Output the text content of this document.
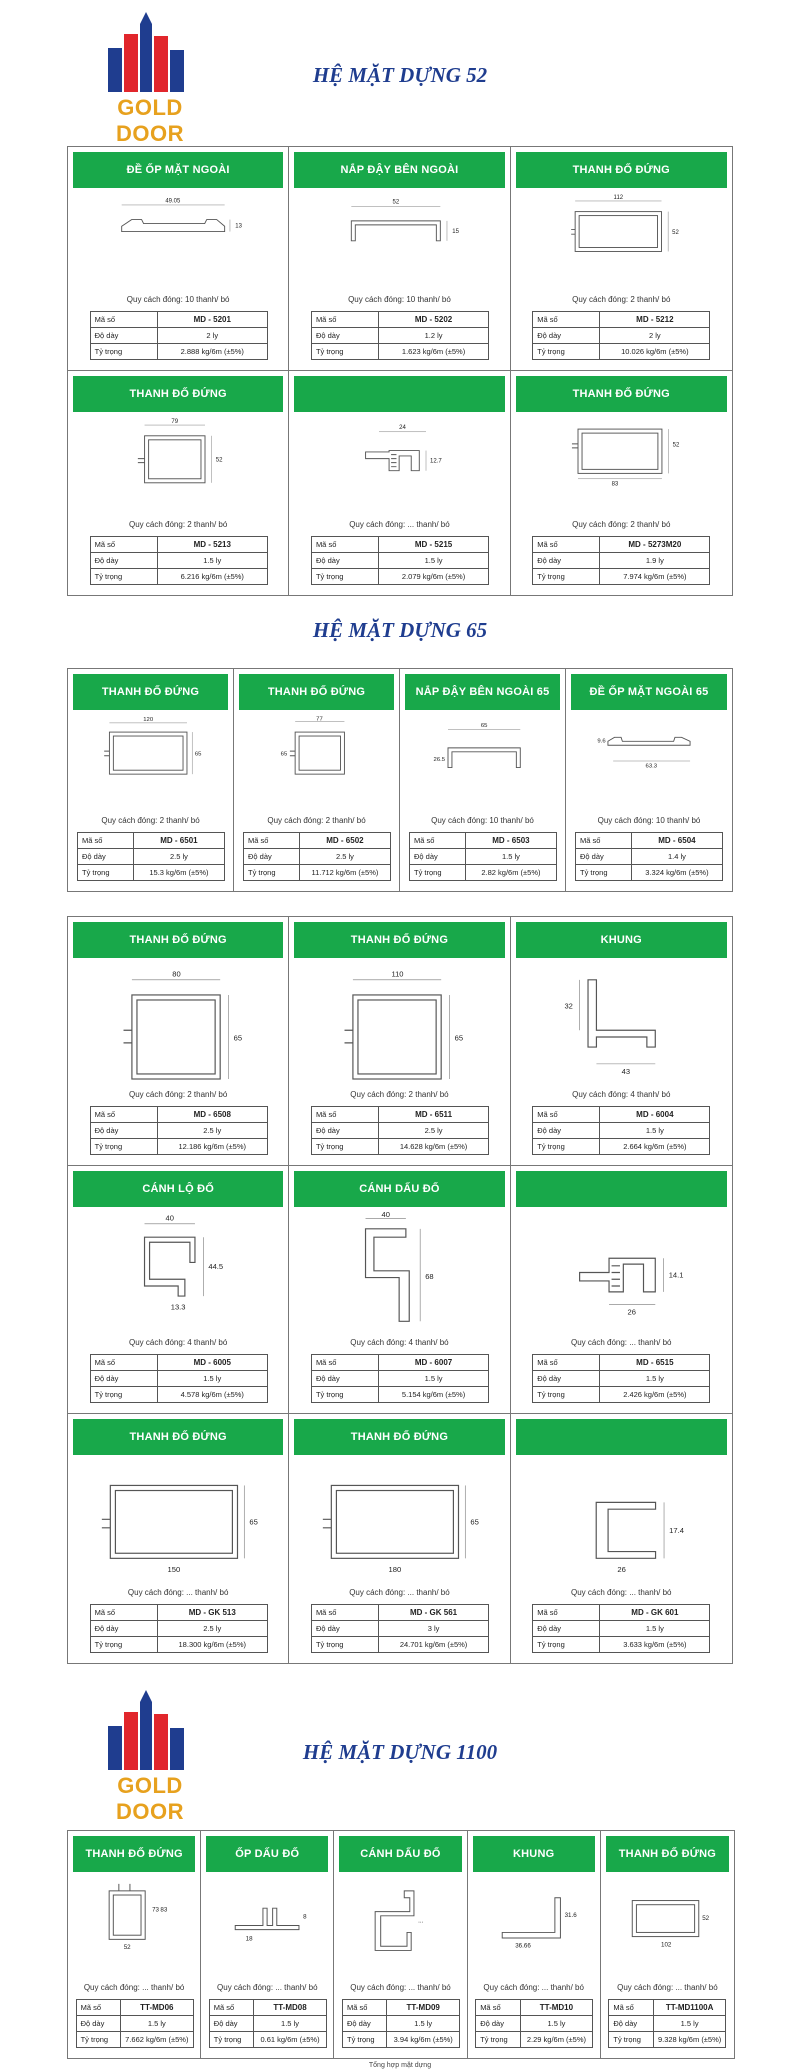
GOLD DOOR
HỆ MẶT DỰNG 52
HỆ MẶT DỰNG 65
ĐỀ ỐP MẶT NGOÀI
49.05
13
Quy cách đóng: 10 thanh/ bó
Mã số	MD - 5201
Độ dày	2 ly
Tỷ trọng	2.888 kg/6m (±5%)
NẮP ĐẬY BÊN NGOÀI
52
15
Quy cách đóng: 10 thanh/ bó
Mã số	MD - 5202
Độ dày	1.2 ly
Tỷ trọng	1.623 kg/6m (±5%)
THANH ĐỐ ĐỨNG
112
52
Quy cách đóng: 2 thanh/ bó
Mã số	MD - 5212
Độ dày	2 ly
Tỷ trọng	10.026 kg/6m (±5%)
THANH ĐỐ ĐỨNG
79
52
Quy cách đóng: 2 thanh/ bó
Mã số	MD - 5213
Độ dày	1.5 ly
Tỷ trọng	6.216 kg/6m (±5%)
24
12.7
Quy cách đóng: ... thanh/ bó
Mã số	MD - 5215
Độ dày	1.5 ly
Tỷ trọng	2.079 kg/6m (±5%)
THANH ĐỐ ĐỨNG
52
83
Quy cách đóng: 2 thanh/ bó
Mã số	MD - 5273M20
Độ dày	1.9 ly
Tỷ trọng	7.974 kg/6m (±5%)
THANH ĐỐ ĐỨNG
120
65
Quy cách đóng: 2 thanh/ bó
Mã số	MD - 6501
Độ dày	2.5 ly
Tỷ trọng	15.3 kg/6m (±5%)
THANH ĐỐ ĐỨNG
77
65
Quy cách đóng: 2 thanh/ bó
Mã số	MD - 6502
Độ dày	2.5 ly
Tỷ trọng	11.712 kg/6m (±5%)
NẮP ĐẬY BÊN NGOÀI 65
65
26.5
Quy cách đóng: 10 thanh/ bó
Mã số	MD - 6503
Độ dày	1.5 ly
Tỷ trọng	2.82 kg/6m (±5%)
ĐỀ ỐP MẶT NGOÀI 65
63.3
9.6
Quy cách đóng: 10 thanh/ bó
Mã số	MD - 6504
Độ dày	1.4 ly
Tỷ trọng	3.324 kg/6m (±5%)
THANH ĐỐ ĐỨNG
80
65
Quy cách đóng: 2 thanh/ bó
Mã số	MD - 6508
Độ dày	2.5 ly
Tỷ trọng	12.186 kg/6m (±5%)
THANH ĐỐ ĐỨNG
110
65
Quy cách đóng: 2 thanh/ bó
Mã số	MD - 6511
Độ dày	2.5 ly
Tỷ trọng	14.628 kg/6m (±5%)
KHUNG
32
43
Quy cách đóng: 4 thanh/ bó
Mã số	MD - 6004
Độ dày	1.5 ly
Tỷ trọng	2.664 kg/6m (±5%)
CÁNH LỘ ĐỐ
40
44.5
13.3
Quy cách đóng: 4 thanh/ bó
Mã số	MD - 6005
Độ dày	1.5 ly
Tỷ trọng	4.578 kg/6m (±5%)
CÁNH DẤU ĐỐ
40
68
Quy cách đóng: 4 thanh/ bó
Mã số	MD - 6007
Độ dày	1.5 ly
Tỷ trọng	5.154 kg/6m (±5%)
14.1
26
Quy cách đóng: ... thanh/ bó
Mã số	MD - 6515
Độ dày	1.5 ly
Tỷ trọng	2.426 kg/6m (±5%)
THANH ĐỐ ĐỨNG
65
150
Quy cách đóng: ... thanh/ bó
Mã số	MD - GK 513
Độ dày	2.5 ly
Tỷ trọng	18.300 kg/6m (±5%)
THANH ĐỐ ĐỨNG
65
180
Quy cách đóng: ... thanh/ bó
Mã số	MD - GK 561
Độ dày	3 ly
Tỷ trọng	24.701 kg/6m (±5%)
17.4
26
Quy cách đóng: ... thanh/ bó
Mã số	MD - GK 601
Độ dày	1.5 ly
Tỷ trọng	3.633 kg/6m (±5%)
GOLD DOOR
HỆ MẶT DỰNG 1100
THANH ĐỐ ĐỨNG
52
73 83
Quy cách đóng: ... thanh/ bó
Mã số	TT-MD06
Độ dày	1.5 ly
Tỷ trọng	7.662 kg/6m (±5%)
ỐP DẤU ĐỐ
18
8
Quy cách đóng: ... thanh/ bó
Mã số	TT-MD08
Độ dày	1.5 ly
Tỷ trọng	0.61 kg/6m (±5%)
CÁNH DẤU ĐỐ
...
Quy cách đóng: ... thanh/ bó
Mã số	TT-MD09
Độ dày	1.5 ly
Tỷ trọng	3.94 kg/6m (±5%)
KHUNG
36.66
31.6
Quy cách đóng: ... thanh/ bó
Mã số	TT-MD10
Độ dày	1.5 ly
Tỷ trọng	2.29 kg/6m (±5%)
THANH ĐỐ ĐỨNG
102
52
Quy cách đóng: ... thanh/ bó
Mã số	TT-MD1100A
Độ dày	1.5 ly
Tỷ trọng	9.328 kg/6m (±5%)
Tổng hợp mặt dựng
